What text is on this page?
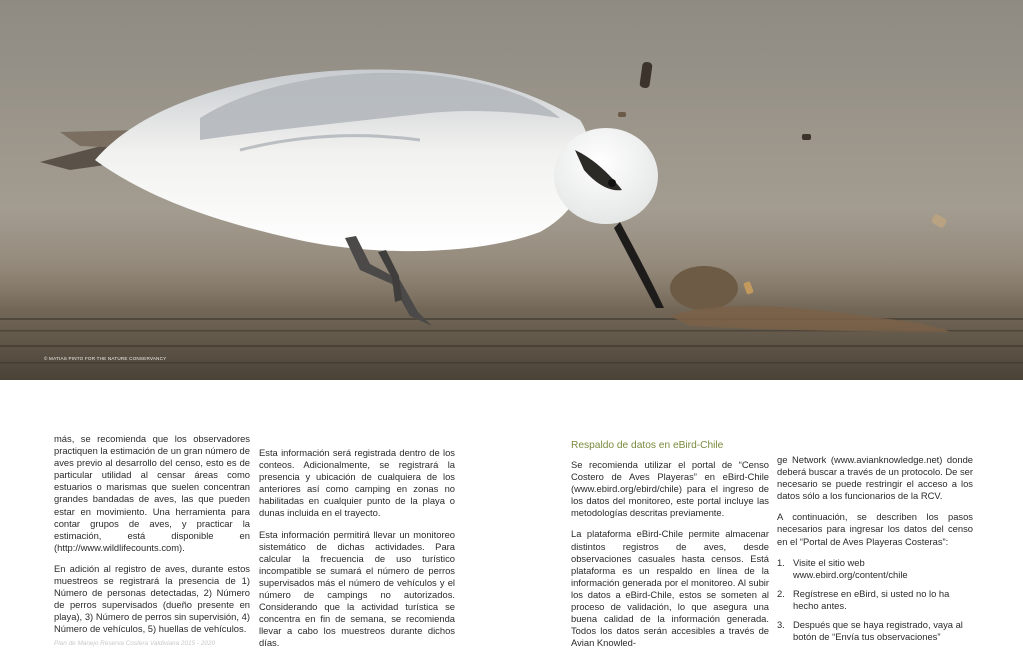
© MATIAS PINTO FOR THE NATURE CONSERVANCY

más, se recomienda que los observadores practiquen la estimación de un gran número de aves previo al desarrollo del censo, esto es de particular utilidad al censar áreas como estuarios o marismas que suelen concentran grandes bandadas de aves, las que pueden estar en movimiento. Una herramienta para contar grupos de aves, y practicar la estimación, está disponible en (http://www.wildlifecounts.com).

En adición al registro de aves, durante estos muestreos se registrará la presencia de 1) Número de personas detectadas, 2) Número de perros supervisados (dueño presente en playa), 3) Número de perros sin supervisión, 4) Número de vehículos, 5) huellas de vehículos.

Esta información será registrada dentro de los conteos. Adicionalmente, se registrará la presencia y ubicación de cualquiera de los anteriores así como camping en zonas no habilitadas en cualquier punto de la playa o dunas incluida en el trayecto.

Esta información permitirá llevar un monitoreo sistemático de dichas actividades. Para calcular la frecuencia de uso turístico incompatible se sumará el número de perros supervisados más el número de vehículos y el número de campings no autorizados. Considerando que la actividad turística se concentra en fin de semana, se recomienda llevar a cabo los muestreos durante dichos días.

Respaldo de datos en eBird-Chile

Se recomienda utilizar el portal de “Censo Costero de Aves Playeras” en eBird-Chile (www.ebird.org/ebird/chile) para el ingreso de los datos del monitoreo, este portal incluye las metodologías descritas previamente.

La plataforma eBird-Chile permite almacenar distintos registros de aves, desde observaciones casuales hasta censos. Está plataforma es un respaldo en línea de la información generada por el monitoreo. Al subir los datos a eBird-Chile, estos se someten al proceso de validación, lo que asegura una buena calidad de la información generada. Todos los datos serán accesibles a través de Avian Knowled-

ge Network (www.avianknowledge.net) donde deberá buscar a través de un protocolo. De ser necesario se puede restringir el acceso a los datos sólo a los funcionarios de la RCV.

A continuación, se describen los pasos necesarios para ingresar los datos del censo en el “Portal de Aves Playeras Costeras”:

1. Visite el sitio web www.ebird.org/content/chile
2. Regístrese en eBird, si usted no lo ha hecho antes.
3. Después que se haya registrado, vaya al botón de “Envía tus observaciones”
Plan de Manejo Reserva Costera Valdiviana 2015 - 2020
